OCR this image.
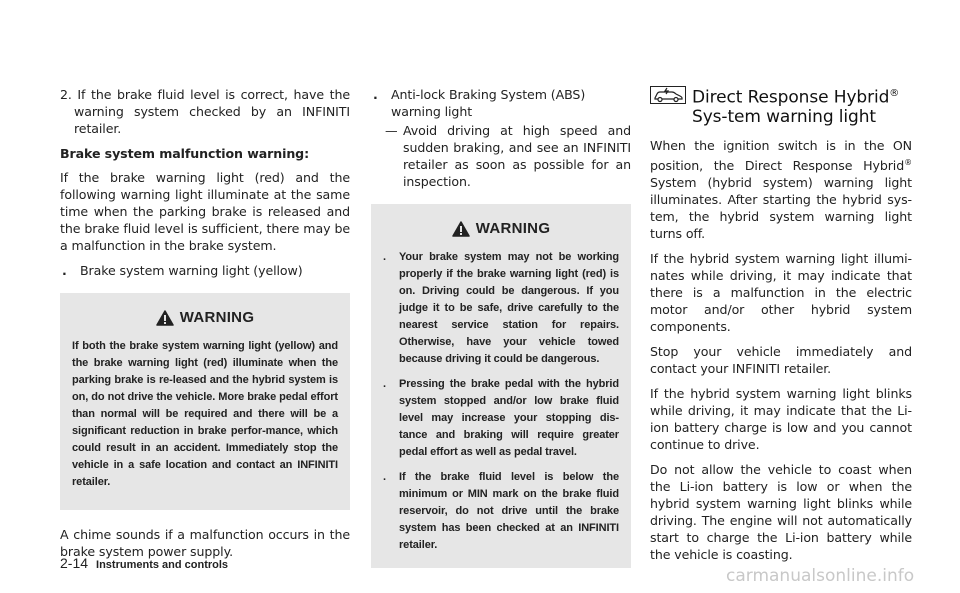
2. If the brake fluid level is correct, have the warning system checked by an INFINITI retailer.
Brake system malfunction warning:

If the brake warning light (red) and the following warning light illuminate at the same time when the parking brake is released and the brake fluid level is sufficient, there may be a malfunction in the brake system.

. Brake system warning light (yellow)
WARNING

If both the brake system warning light (yellow) and the brake warning light (red) illuminate when the parking brake is re-leased and the hybrid system is on, do not drive the vehicle. More brake pedal effort than normal will be required and there will be a significant reduction in brake perfor-mance, which could result in an accident. Immediately stop the vehicle in a safe location and contact an INFINITI retailer.

A chime sounds if a malfunction occurs in the brake system power supply.

. Anti-lock Braking System (ABS) warning light
— Avoid driving at high speed and sudden braking, and see an INFINITI retailer as soon as possible for an inspection.
WARNING
. Your brake system may not be working properly if the brake warning light (red) is on. Driving could be dangerous. If you judge it to be safe, drive carefully to the nearest service station for repairs. Otherwise, have your vehicle towed because driving it could be dangerous.
. Pressing the brake pedal with the hybrid system stopped and/or low brake fluid level may increase your stopping dis-tance and braking will require greater pedal effort as well as pedal travel.
. If the brake fluid level is below the minimum or MIN mark on the brake fluid reservoir, do not drive until the brake system has been checked at an INFINITI retailer.
Direct Response Hybrid® Sys-tem warning light

When the ignition switch is in the ON position, the Direct Response Hybrid® System (hybrid system) warning light illuminates. After starting the hybrid sys-tem, the hybrid system warning light turns off.

If the hybrid system warning light illumi-nates while driving, it may indicate that there is a malfunction in the electric motor and/or other hybrid system components.

Stop your vehicle immediately and contact your INFINITI retailer.

If the hybrid system warning light blinks while driving, it may indicate that the Li-ion battery charge is low and you cannot continue to drive.

Do not allow the vehicle to coast when the Li-ion battery is low or when the hybrid system warning light blinks while driving. The engine will not automatically start to charge the Li-ion battery while the vehicle is coasting.

2-14 Instruments and controls
carmanualsonline.info
